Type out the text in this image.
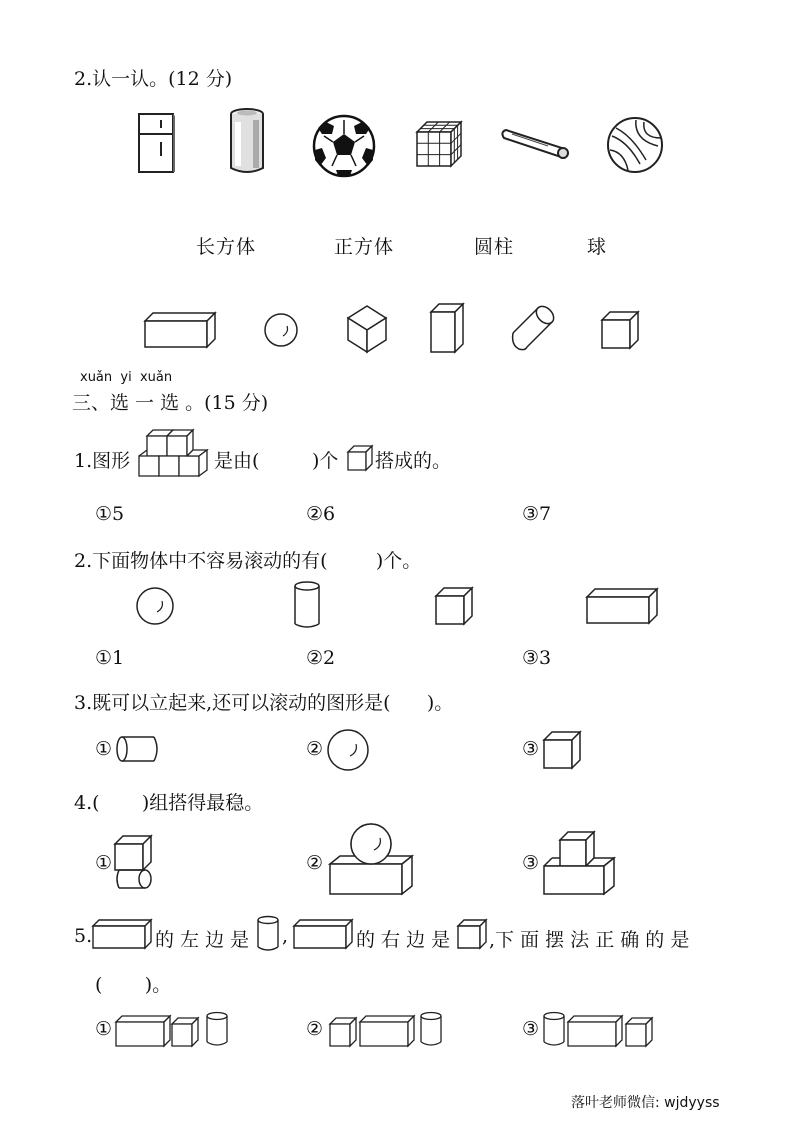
2.认一认。(12 分)
长方体	正方体	圆柱	球
xuǎn  yi  xuǎn
三、选 一 选 。(15 分)
1.图形	是由(	)个 搭成的。
①5	②6	③7
2.下面物体中不容易滚动的有(        )个。
①1	②2	③3
3.既可以立起来,还可以滚动的图形是(      )。
①	②	③
4.(       )组搭得最稳。
①	②	③
5.	的 左 边 是 ,	的 右 边 是 ,下 面 摆 法 正 确 的 是
(       )。
①	②	③
落叶老师微信: wjdyyss
